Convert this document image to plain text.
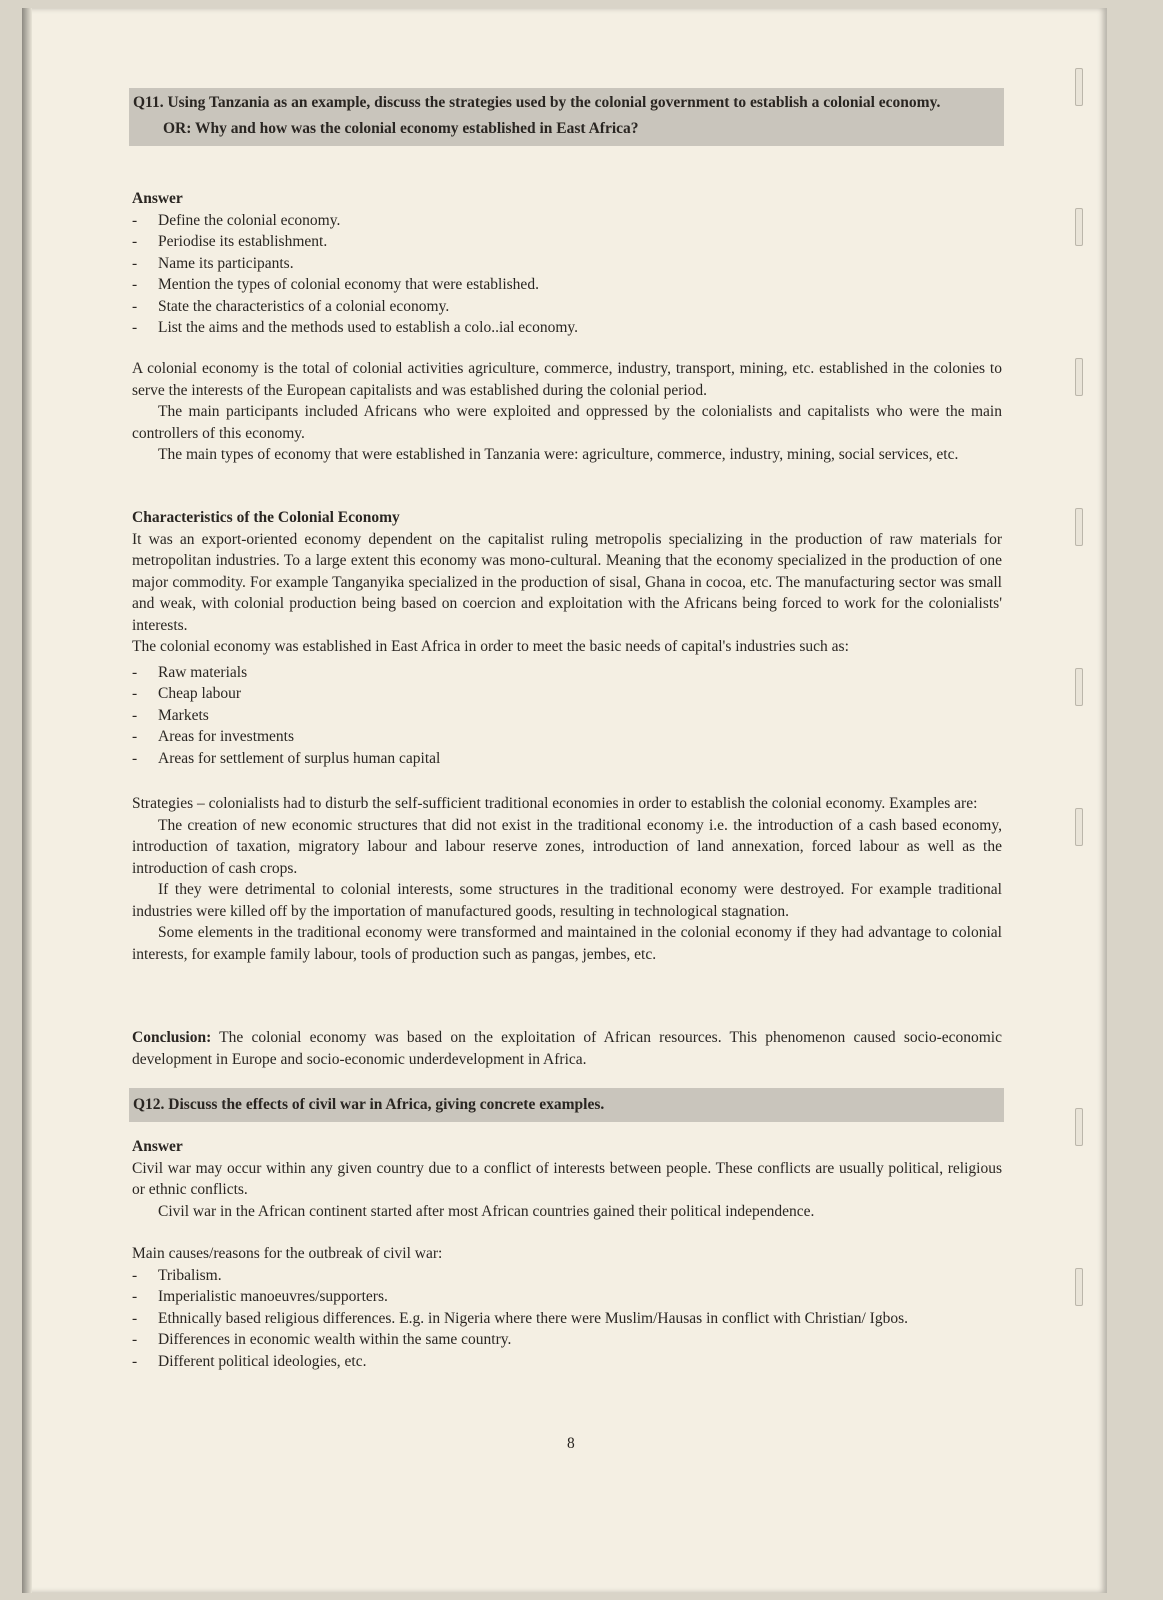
Q11. Using Tanzania as an example, discuss the strategies used by the colonial government to establish a colonial economy.
OR: Why and how was the colonial economy established in East Africa?
Answer
- Define the colonial economy.
- Periodise its establishment.
- Name its participants.
- Mention the types of colonial economy that were established.
- State the characteristics of a colonial economy.
- List the aims and the methods used to establish a colo..ial economy.
A colonial economy is the total of colonial activities agriculture, commerce, industry, transport, mining, etc. established in the colonies to serve the interests of the European capitalists and was established during the colonial period.
The main participants included Africans who were exploited and oppressed by the colonialists and capitalists who were the main controllers of this economy.
The main types of economy that were established in Tanzania were: agriculture, commerce, industry, mining, social services, etc.
Characteristics of the Colonial Economy
It was an export-oriented economy dependent on the capitalist ruling metropolis specializing in the production of raw materials for metropolitan industries. To a large extent this economy was mono-cultural. Meaning that the economy specialized in the production of one major commodity. For example Tanganyika specialized in the production of sisal, Ghana in cocoa, etc. The manufacturing sector was small and weak, with colonial production being based on coercion and exploitation with the Africans being forced to work for the colonialists' interests.
The colonial economy was established in East Africa in order to meet the basic needs of capital's industries such as:
- Raw materials
- Cheap labour
- Markets
- Areas for investments
- Areas for settlement of surplus human capital
Strategies – colonialists had to disturb the self-sufficient traditional economies in order to establish the colonial economy. Examples are:
The creation of new economic structures that did not exist in the traditional economy i.e. the introduction of a cash based economy, introduction of taxation, migratory labour and labour reserve zones, introduction of land annexation, forced labour as well as the introduction of cash crops.
If they were detrimental to colonial interests, some structures in the traditional economy were destroyed. For example traditional industries were killed off by the importation of manufactured goods, resulting in technological stagnation.
Some elements in the traditional economy were transformed and maintained in the colonial economy if they had advantage to colonial interests, for example family labour, tools of production such as pangas, jembes, etc.
Conclusion: The colonial economy was based on the exploitation of African resources. This phenomenon caused socio-economic development in Europe and socio-economic underdevelopment in Africa.
Q12. Discuss the effects of civil war in Africa, giving concrete examples.
Answer
Civil war may occur within any given country due to a conflict of interests between people. These conflicts are usually political, religious or ethnic conflicts.
Civil war in the African continent started after most African countries gained their political independence.
Main causes/reasons for the outbreak of civil war:
- Tribalism.
- Imperialistic manoeuvres/supporters.
- Ethnically based religious differences. E.g. in Nigeria where there were Muslim/Hausas in conflict with Christian/ Igbos.
- Differences in economic wealth within the same country.
- Different political ideologies, etc.
8
